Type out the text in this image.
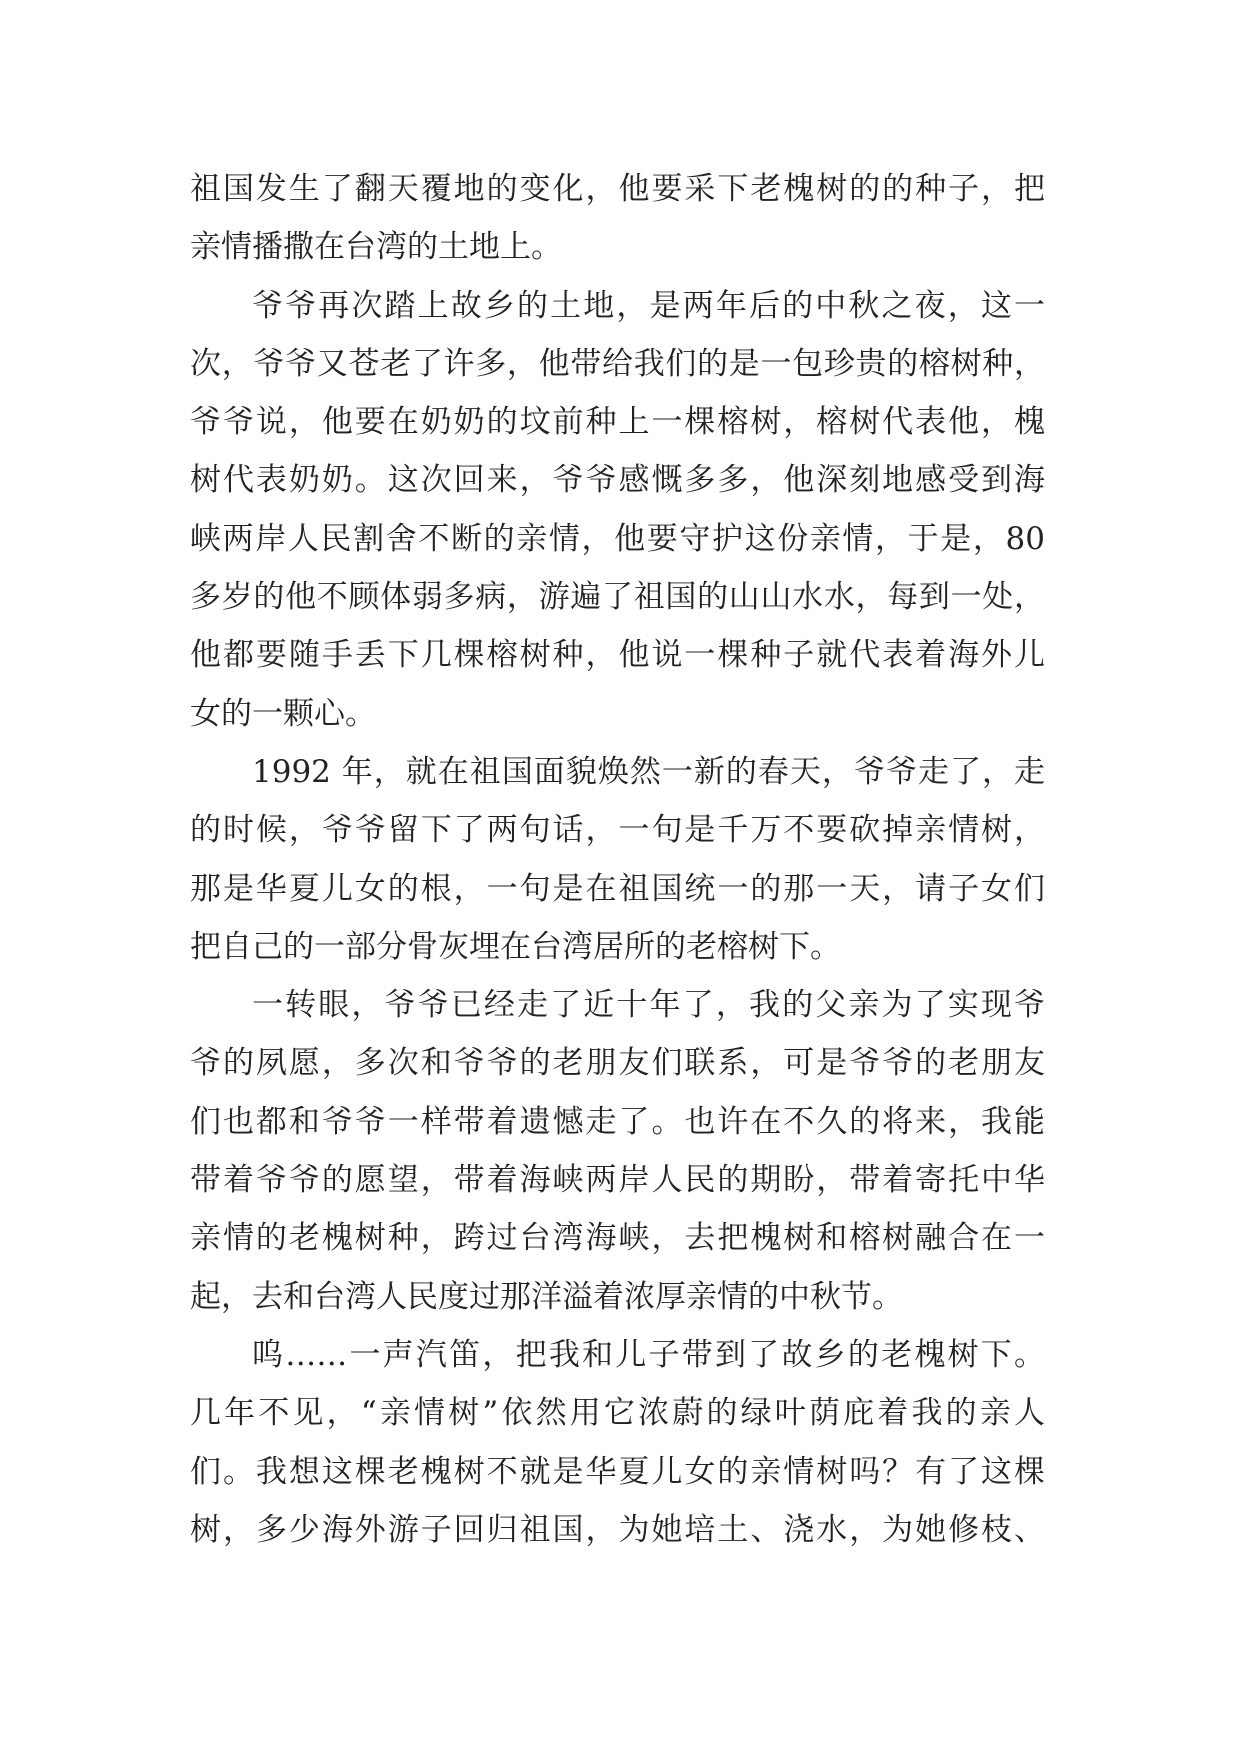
祖国发生了翻天覆地的变化，他要采下老槐树的的种子，把
亲情播撒在台湾的土地上。
爷爷再次踏上故乡的土地，是两年后的中秋之夜，这一
次，爷爷又苍老了许多，他带给我们的是一包珍贵的榕树种，
爷爷说，他要在奶奶的坟前种上一棵榕树，榕树代表他，槐
树代表奶奶。这次回来，爷爷感慨多多，他深刻地感受到海
峡两岸人民割舍不断的亲情，他要守护这份亲情，于是，80
多岁的他不顾体弱多病，游遍了祖国的山山水水，每到一处，
他都要随手丢下几棵榕树种，他说一棵种子就代表着海外儿
女的一颗心。
1992 年，就在祖国面貌焕然一新的春天，爷爷走了，走
的时候，爷爷留下了两句话，一句是千万不要砍掉亲情树，
那是华夏儿女的根，一句是在祖国统一的那一天，请子女们
把自己的一部分骨灰埋在台湾居所的老榕树下。
一转眼，爷爷已经走了近十年了，我的父亲为了实现爷
爷的夙愿，多次和爷爷的老朋友们联系，可是爷爷的老朋友
们也都和爷爷一样带着遗憾走了。也许在不久的将来，我能
带着爷爷的愿望，带着海峡两岸人民的期盼，带着寄托中华
亲情的老槐树种，跨过台湾海峡，去把槐树和榕树融合在一
起，去和台湾人民度过那洋溢着浓厚亲情的中秋节。
呜……一声汽笛，把我和儿子带到了故乡的老槐树下。
几年不见，“亲情树”依然用它浓蔚的绿叶荫庇着我的亲人
们。我想这棵老槐树不就是华夏儿女的亲情树吗？有了这棵
树，多少海外游子回归祖国，为她培土、浇水，为她修枝、
